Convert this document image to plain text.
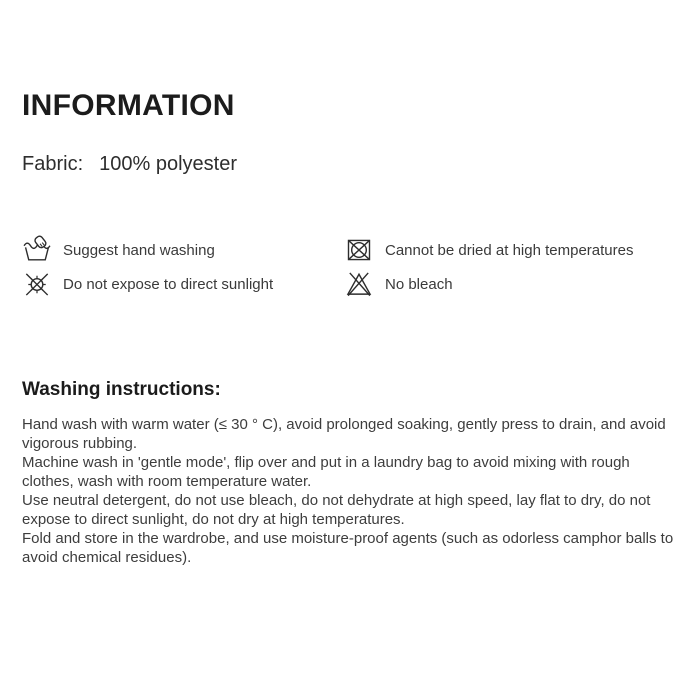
INFORMATION

Fabric: 100% polyester

Suggest hand washing	Cannot be dried at high temperatures
Do not expose to direct sunlight	No bleach
Washing instructions:

Hand wash with warm water (≤ 30 ° C), avoid prolonged soaking, gently press to drain, and avoid vigorous rubbing.

Machine wash in 'gentle mode', flip over and put in a laundry bag to avoid mixing with rough clothes, wash with room temperature water.

Use neutral detergent, do not use bleach, do not dehydrate at high speed, lay flat to dry, do not expose to direct sunlight, do not dry at high temperatures.

Fold and store in the wardrobe, and use moisture-proof agents (such as odorless camphor balls to avoid chemical residues).
